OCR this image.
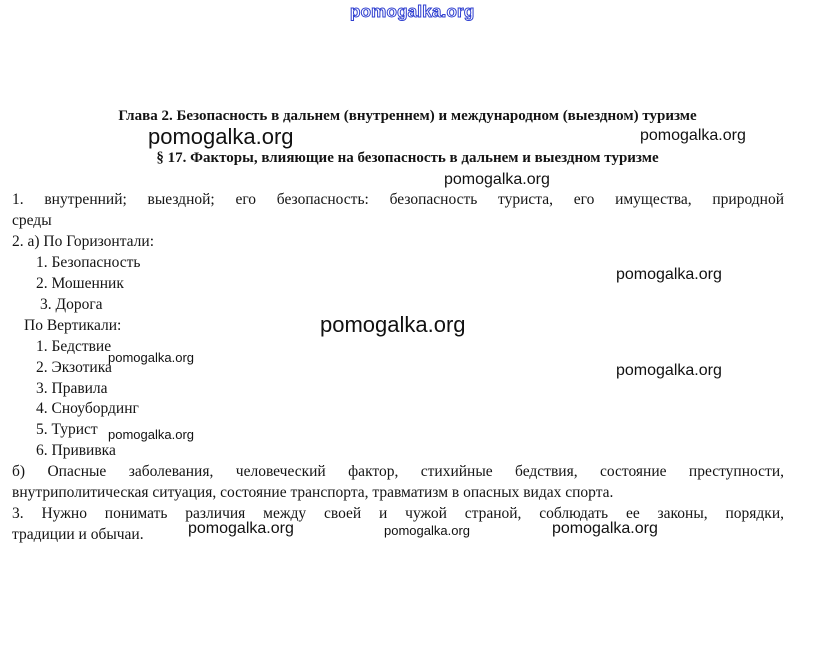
pomogalka.org
Глава 2. Безопасность в дальнем (внутреннем) и международном (выездном) туризме
pomogalka.org	pomogalka.org
§ 17. Факторы, влияющие на безопасность в дальнем и выездном туризме
pomogalka.org
1. внутренний; выездной; его безопасность: безопасность туриста, его имущества, природной
среды
2. а) По Горизонтали:
1. Безопасность
2. Мошенник
3. Дорога
pomogalka.org
По Вертикали:	pomogalka.org
1. Бедствие
pomogalka.org
2. Экзотика	pomogalka.org
3. Правила
4. Сноубординг
5. Турист pomogalka.org
6. Прививка
б) Опасные заболевания, человеческий фактор, стихийные бедствия, состояние преступности,
внутриполитическая ситуация, состояние транспорта, травматизм в опасных видах спорта.
3. Нужно понимать различия между своей и чужой страной, соблюдать ее законы, порядки,
традиции и обычаи.	pomogalka.org	pomogalka.org	pomogalka.org
